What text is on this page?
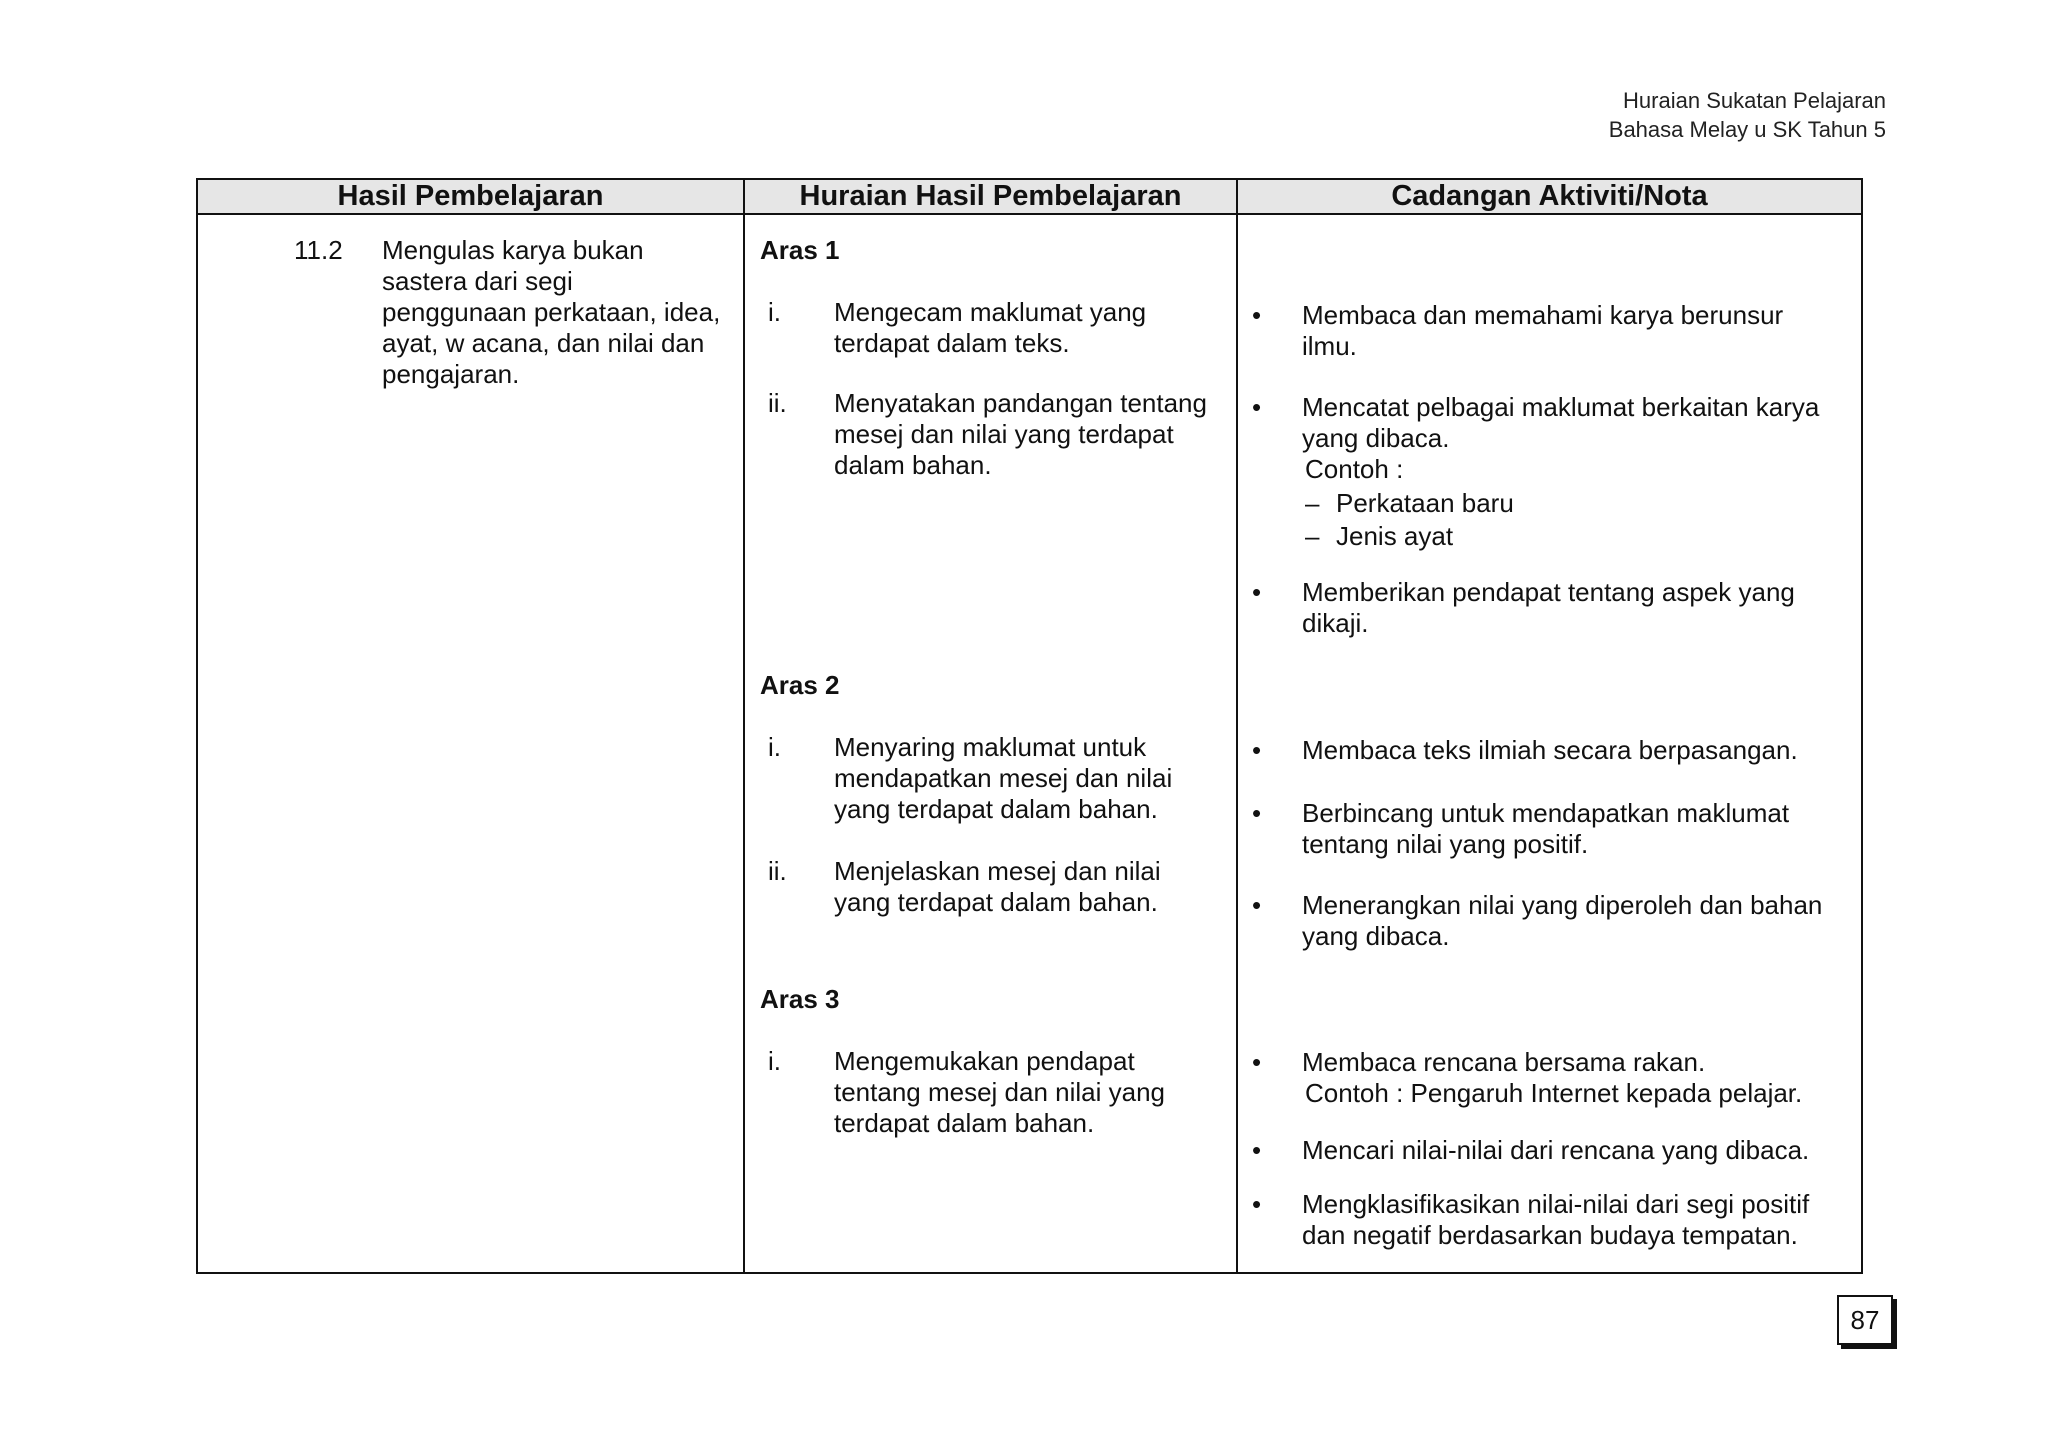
Huraian Sukatan Pelajaran
Bahasa Melay u SK Tahun 5
Hasil Pembelajaran	Huraian Hasil Pembelajaran	Cadangan Aktiviti/Nota
11.2 Mengulas karya bukan
sastera dari segi
penggunaan perkataan, idea,
ayat, w acana, dan nilai dan
pengajaran.
Aras 1
i. Mengecam maklumat yang
terdapat dalam teks.
ii. Menyatakan pandangan tentang
mesej dan nilai yang terdapat
dalam bahan.
Aras 2
i. Menyaring maklumat untuk
mendapatkan mesej dan nilai
yang terdapat dalam bahan.
ii. Menjelaskan mesej dan nilai
yang terdapat dalam bahan.
Aras 3
i. Mengemukakan pendapat
tentang mesej dan nilai yang
terdapat dalam bahan.
• Membaca dan memahami karya berunsur
ilmu.
• Mencatat pelbagai maklumat berkaitan karya
yang dibaca.
Contoh :
– Perkataan baru
– Jenis ayat
• Memberikan pendapat tentang aspek yang
dikaji.
• Membaca teks ilmiah secara berpasangan.
• Berbincang untuk mendapatkan maklumat
tentang nilai yang positif.
• Menerangkan nilai yang diperoleh dan bahan
yang dibaca.
• Membaca rencana bersama rakan.
Contoh : Pengaruh Internet kepada pelajar.
• Mencari nilai-nilai dari rencana yang dibaca.
• Mengklasifikasikan nilai-nilai dari segi positif
dan negatif berdasarkan budaya tempatan.
87
